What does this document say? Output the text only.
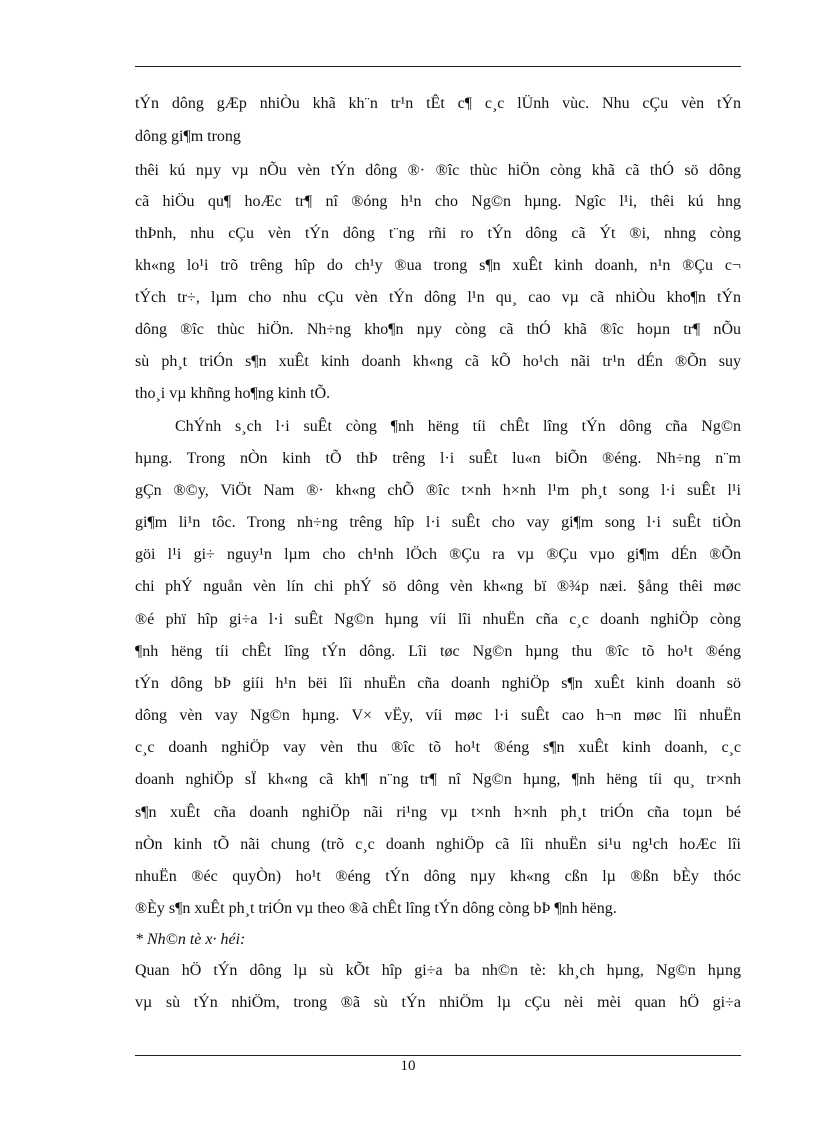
tÝn dông gÆp nhiÒu khã kh¨n tr¹n tÊt c¶ c¸c lÜnh vùc. Nhu cÇu vèn tÝn
dông gi¶m trong
thêi kú nµy vµ nÕu vèn tÝn dông ®· ®îc thùc hiÖn còng khã cã thÓ sö dông
cã hiÖu qu¶ hoÆc tr¶ nî ®óng h¹n cho Ng©n hµng. Ngîc l¹i, thêi kú hng
thÞnh, nhu cÇu vèn tÝn dông t¨ng rñi ro tÝn dông cã Ýt ®i, nhng còng
kh«ng lo¹i trõ trêng hîp do ch¹y ®ua trong s¶n xuÊt kinh doanh, n¹n ®Çu c¬
tÝch tr÷, lµm cho nhu cÇu vèn tÝn dông l¹n qu¸ cao vµ cã nhiÒu kho¶n tÝn
dông ®îc thùc hiÖn. Nh÷ng kho¶n nµy còng cã thÓ khã ®îc hoµn tr¶ nÕu
sù ph¸t triÓn s¶n xuÊt kinh doanh kh«ng cã kÕ ho¹ch nãi tr¹n dÉn ®Õn suy
tho¸i vµ khñng ho¶ng kinh tÕ.
ChÝnh s¸ch l·i suÊt còng ¶nh hëng tíi chÊt lîng tÝn dông cña Ng©n
hµng. Trong nÒn kinh tÕ thÞ trêng l·i suÊt lu«n biÕn ®éng. Nh÷ng n¨m
gÇn ®©y, ViÖt Nam ®· kh«ng chÕ ®îc t×nh h×nh l¹m ph¸t song l·i suÊt l¹i
gi¶m li¹n tôc. Trong nh÷ng trêng hîp l·i suÊt cho vay gi¶m song l·i suÊt tiÒn
göi l¹i gi÷ nguy¹n lµm cho ch¹nh lÖch ®Çu ra vµ ®Çu vµo gi¶m dÉn ®Õn
chi phÝ nguån vèn lín chi phÝ sö dông vèn kh«ng bï ®¾p næi. §ång thêi møc
®é phï hîp gi÷a l·i suÊt Ng©n hµng víi lîi nhuËn cña c¸c doanh nghiÖp còng
¶nh hëng tíi chÊt lîng tÝn dông. Lîi tøc Ng©n hµng thu ®îc tõ ho¹t ®éng
tÝn dông bÞ giíi h¹n bëi lîi nhuËn cña doanh nghiÖp s¶n xuÊt kinh doanh sö
dông vèn vay Ng©n hµng. V× vËy, víi møc l·i suÊt cao h¬n møc lîi nhuËn
c¸c doanh nghiÖp vay vèn thu ®îc tõ ho¹t ®éng s¶n xuÊt kinh doanh, c¸c
doanh nghiÖp sÏ kh«ng cã kh¶ n¨ng tr¶ nî Ng©n hµng, ¶nh hëng tíi qu¸ tr×nh
s¶n xuÊt cña doanh nghiÖp nãi ri¹ng vµ t×nh h×nh ph¸t triÓn cña toµn bé
nÒn kinh tÕ nãi chung (trõ c¸c doanh nghiÖp cã lîi nhuËn si¹u ng¹ch hoÆc lîi
nhuËn ®éc quyÒn) ho¹t ®éng tÝn dông nµy kh«ng cßn lµ ®ßn bÈy thóc
®Èy s¶n xuÊt ph¸t triÓn vµ theo ®ã chÊt lîng tÝn dông còng bÞ ¶nh hëng.
* Nh©n tè x· héi:
Quan hÖ tÝn dông lµ sù kÕt hîp gi÷a ba nh©n tè: kh¸ch hµng, Ng©n hµng
vµ sù tÝn nhiÖm, trong ®ã sù tÝn nhiÖm lµ cÇu nèi mèi quan hÖ gi÷a
10
